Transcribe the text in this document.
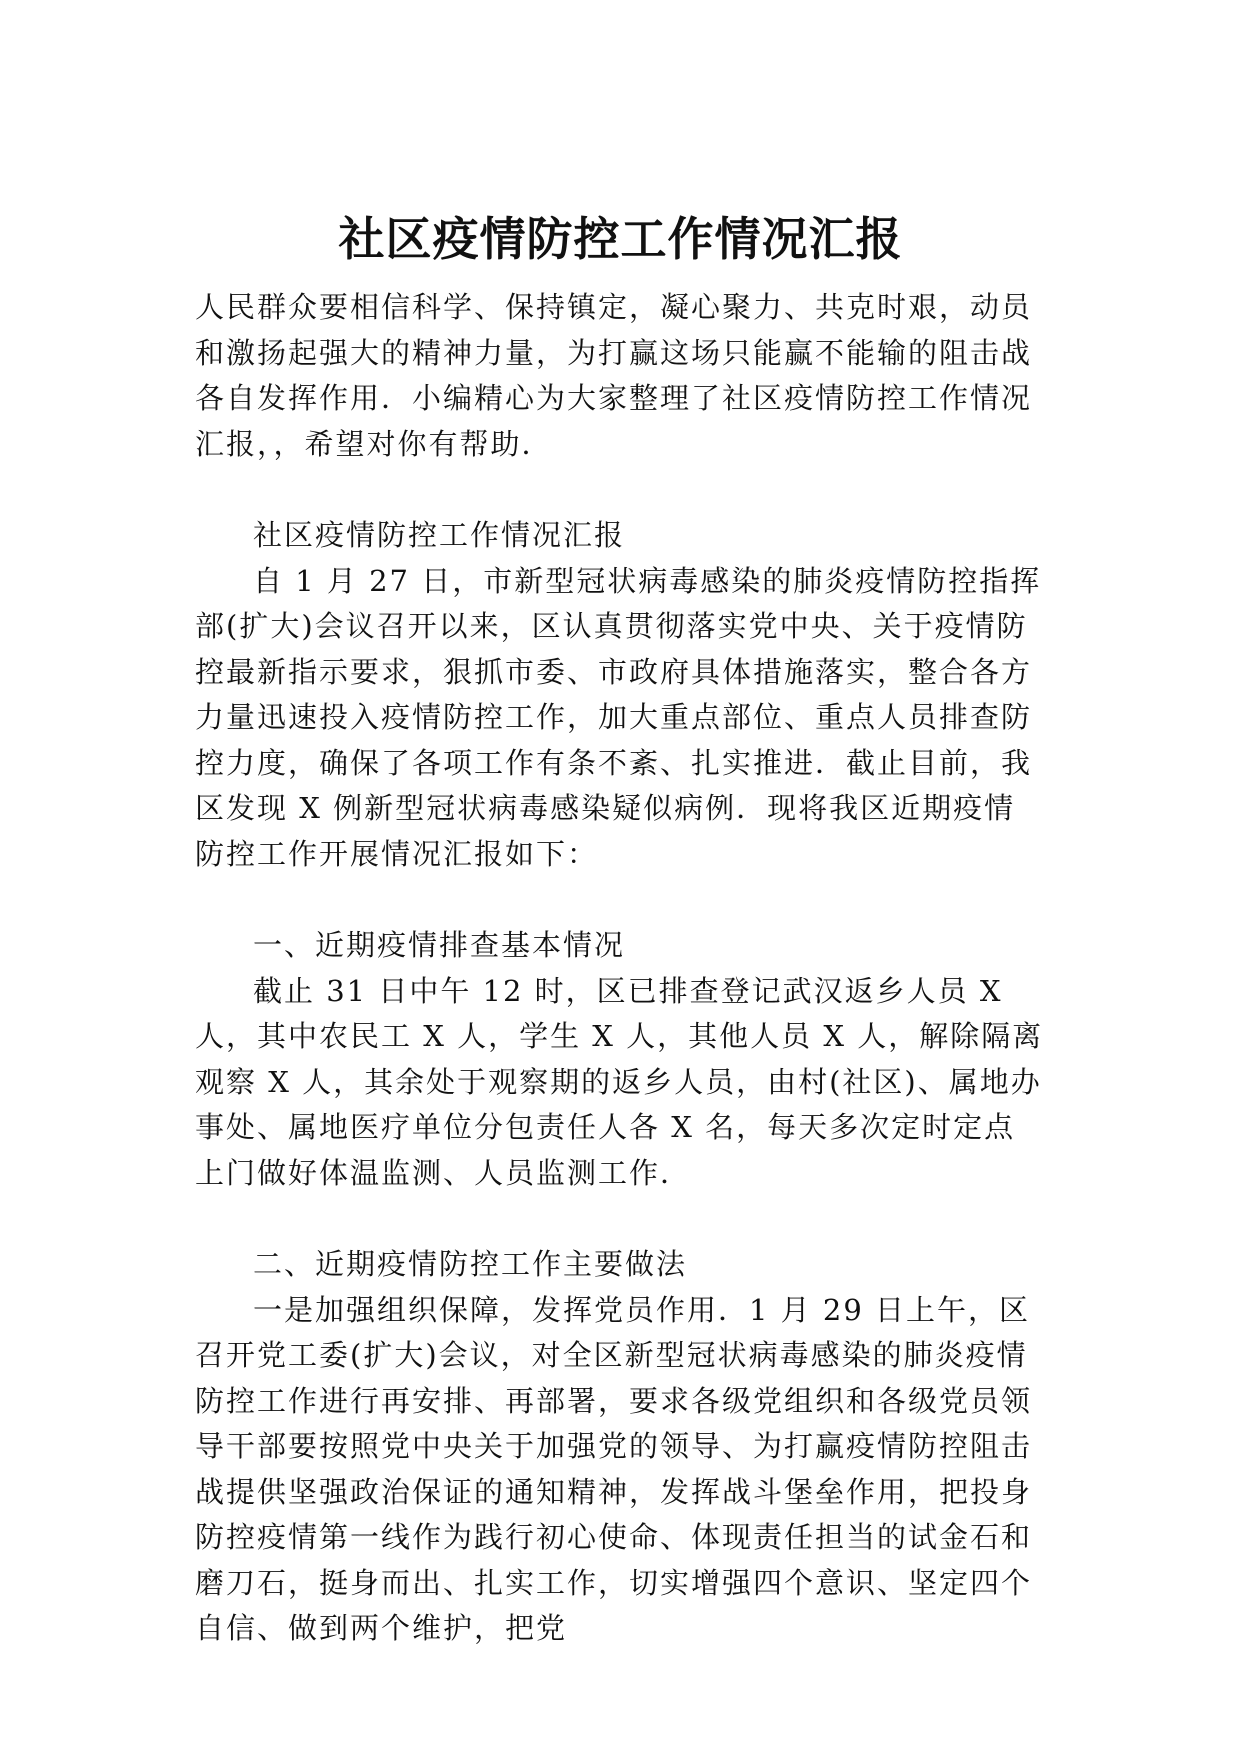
社区疫情防控工作情况汇报

人民群众要相信科学、保持镇定，凝心聚力、共克时艰，动员和激扬起强大的精神力量，为打赢这场只能赢不能输的阻击战各自发挥作用．小编精心为大家整理了社区疫情防控工作情况汇报，，希望对你有帮助．

社区疫情防控工作情况汇报

自 1 月 27 日，市新型冠状病毒感染的肺炎疫情防控指挥部(扩大)会议召开以来，区认真贯彻落实党中央、关于疫情防控最新指示要求，狠抓市委、市政府具体措施落实，整合各方力量迅速投入疫情防控工作，加大重点部位、重点人员排查防控力度，确保了各项工作有条不紊、扎实推进．截止目前，我区发现 X 例新型冠状病毒感染疑似病例．现将我区近期疫情防控工作开展情况汇报如下：

一、近期疫情排查基本情况

截止 31 日中午 12 时，区已排查登记武汉返乡人员 X 人，其中农民工 X 人，学生 X 人，其他人员 X 人，解除隔离观察 X 人，其余处于观察期的返乡人员，由村(社区)、属地办事处、属地医疗单位分包责任人各 X 名，每天多次定时定点上门做好体温监测、人员监测工作．

二、近期疫情防控工作主要做法

一是加强组织保障，发挥党员作用．1 月 29 日上午，区召开党工委(扩大)会议，对全区新型冠状病毒感染的肺炎疫情防控工作进行再安排、再部署，要求各级党组织和各级党员领导干部要按照党中央关于加强党的领导、为打赢疫情防控阻击战提供坚强政治保证的通知精神，发挥战斗堡垒作用，把投身防控疫情第一线作为践行初心使命、体现责任担当的试金石和磨刀石，挺身而出、扎实工作，切实增强四个意识、坚定四个自信、做到两个维护，把党
